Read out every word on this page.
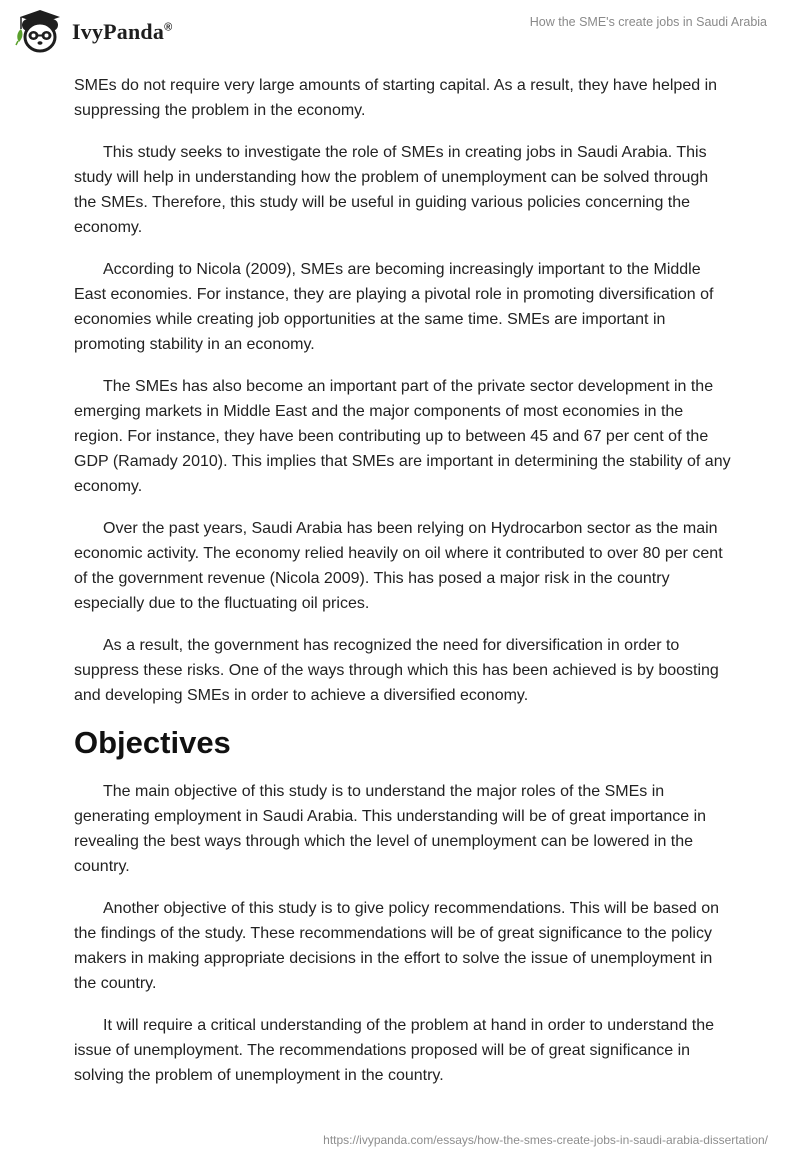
IvyPanda®	How the SME's create jobs in Saudi Arabia

SMEs do not require very large amounts of starting capital. As a result, they have helped in suppressing the problem in the economy.

This study seeks to investigate the role of SMEs in creating jobs in Saudi Arabia. This study will help in understanding how the problem of unemployment can be solved through the SMEs. Therefore, this study will be useful in guiding various policies concerning the economy.

According to Nicola (2009), SMEs are becoming increasingly important to the Middle East economies. For instance, they are playing a pivotal role in promoting diversification of economies while creating job opportunities at the same time. SMEs are important in promoting stability in an economy.

The SMEs has also become an important part of the private sector development in the emerging markets in Middle East and the major components of most economies in the region. For instance, they have been contributing up to between 45 and 67 per cent of the GDP (Ramady 2010). This implies that SMEs are important in determining the stability of any economy.

Over the past years, Saudi Arabia has been relying on Hydrocarbon sector as the main economic activity. The economy relied heavily on oil where it contributed to over 80 per cent of the government revenue (Nicola 2009). This has posed a major risk in the country especially due to the fluctuating oil prices.

As a result, the government has recognized the need for diversification in order to suppress these risks. One of the ways through which this has been achieved is by boosting and developing SMEs in order to achieve a diversified economy.

Objectives

The main objective of this study is to understand the major roles of the SMEs in generating employment in Saudi Arabia. This understanding will be of great importance in revealing the best ways through which the level of unemployment can be lowered in the country.

Another objective of this study is to give policy recommendations. This will be based on the findings of the study. These recommendations will be of great significance to the policy makers in making appropriate decisions in the effort to solve the issue of unemployment in the country.

It will require a critical understanding of the problem at hand in order to understand the issue of unemployment. The recommendations proposed will be of great significance in solving the problem of unemployment in the country.

https://ivypanda.com/essays/how-the-smes-create-jobs-in-saudi-arabia-dissertation/
